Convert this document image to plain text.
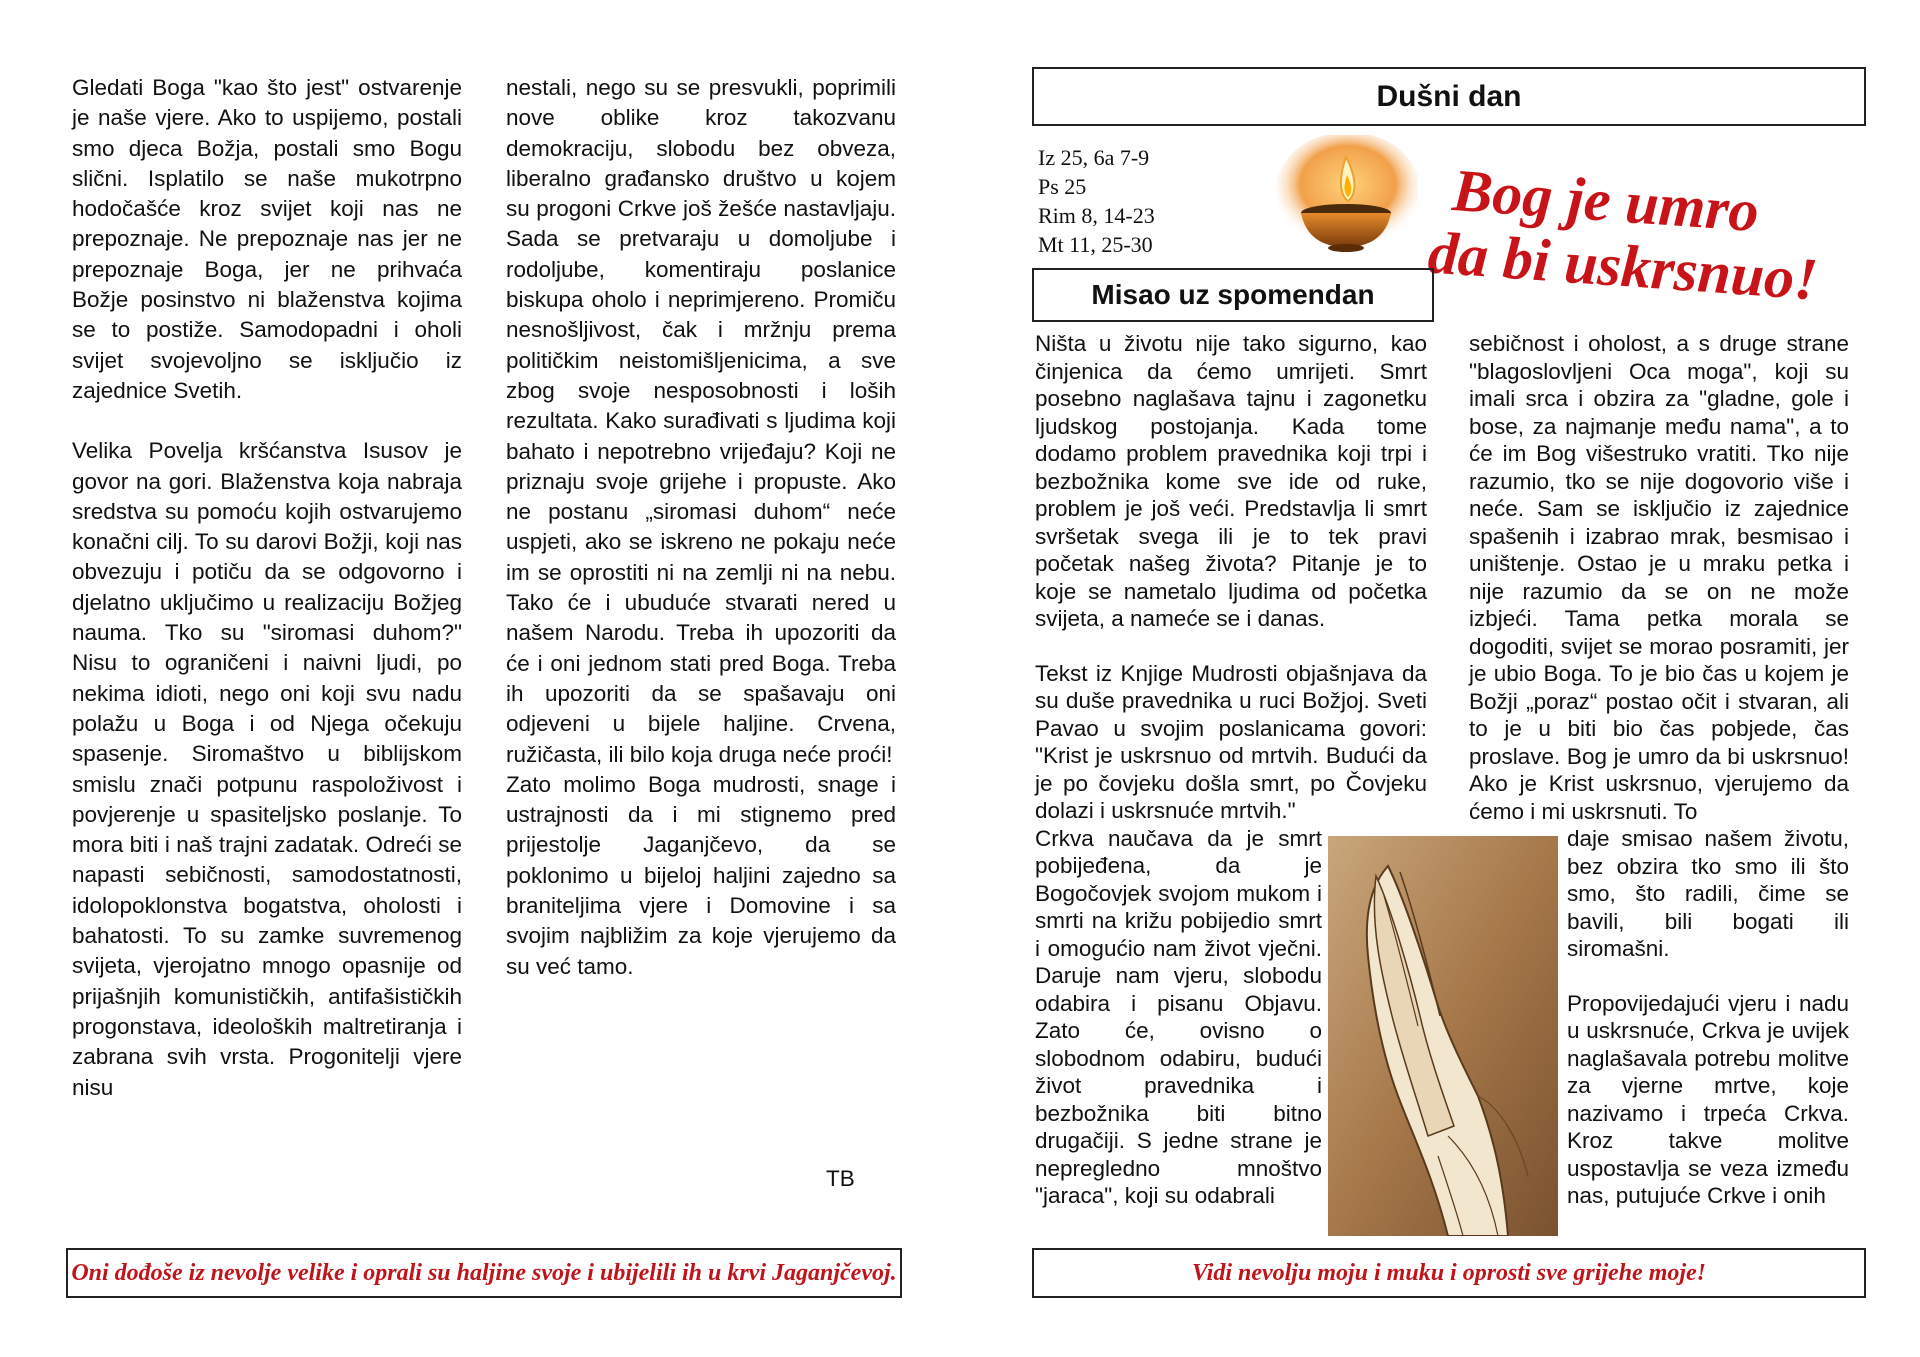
Gledati Boga "kao što jest" ostvarenje je naše vjere. Ako to uspijemo, postali smo djeca Božja, postali smo Bogu slični. Isplatilo se naše mukotrpno hodočašće kroz svijet koji nas ne prepoznaje. Ne prepoznaje nas jer ne prepoznaje Boga, jer ne prihvaća Božje posinstvo ni blaženstva kojima se to postiže. Samodopadni i oholi svijet svojevoljno se isključio iz zajednice Svetih.

Velika Povelja kršćanstva Isusov je govor na gori. Blaženstva koja nabraja sredstva su pomoću kojih ostvarujemo konačni cilj. To su darovi Božji, koji nas obvezuju i potiču da se odgovorno i djelatno uključimo u realizaciju Božjeg nauma. Tko su "siromasi duhom?" Nisu to ograničeni i naivni ljudi, po nekima idioti, nego oni koji svu nadu polažu u Boga i od Njega očekuju spasenje. Siromaštvo u biblijskom smislu znači potpunu raspoloživost i povjerenje u spasiteljsko poslanje. To mora biti i naš trajni zadatak. Odreći se napasti sebičnosti, samodostatnosti, idolopoklonstva bogatstva, oholosti i bahatosti. To su zamke suvremenog svijeta, vjerojatno mnogo opasnije od prijašnjih komunističkih, antifašističkih progonstava, ideoloških maltretiranja i zabrana svih vrsta. Progonitelji vjere nisu

nestali, nego su se presvukli, poprimili nove oblike kroz takozvanu demokraciju, slobodu bez obveza, liberalno građansko društvo u kojem su progoni Crkve još žešće nastavljaju. Sada se pretvaraju u domoljube i rodoljube, komentiraju poslanice biskupa oholo i neprimjereno. Promiču nesnošljivost, čak i mržnju prema političkim neistomišljenicima, a sve zbog svoje nesposobnosti i loših rezultata. Kako surađivati s ljudima koji bahato i nepotrebno vrijeđaju? Koji ne priznaju svoje grijehe i propuste. Ako ne postanu „siromasi duhom“ neće uspjeti, ako se iskreno ne pokaju neće im se oprostiti ni na zemlji ni na nebu. Tako će i ubuduće stvarati nered u našem Narodu. Treba ih upozoriti da će i oni jednom stati pred Boga. Treba ih upozoriti da se spašavaju oni odjeveni u bijele haljine. Crvena, ružičasta, ili bilo koja druga neće proći!

Zato molimo Boga mudrosti, snage i ustrajnosti da i mi stignemo pred prijestolje Jaganjčevo, da se poklonimo u bijeloj haljini zajedno sa braniteljima vjere i Domovine i sa svojim najbližim za koje vjerujemo da su već tamo.

TB
Oni dođoše iz nevolje velike i oprali su haljine svoje i ubijelili ih u krvi Jaganjčevoj.
Dušni dan
Iz 25, 6a 7-9
Ps 25
Rim 8, 14-23
Mt 11, 25-30
Bog je umro
da bi uskrsnuo!
Misao uz spomendan

Ništa u životu nije tako sigurno, kao činjenica da ćemo umrijeti. Smrt posebno naglašava tajnu i zagonetku ljudskog postojanja. Kada tome dodamo problem pravednika koji trpi i bezbožnika kome sve ide od ruke, problem je još veći. Predstavlja li smrt svršetak svega ili je to tek pravi početak našeg života? Pitanje je to koje se nametalo ljudima od početka svijeta, a nameće se i danas.

Tekst iz Knjige Mudrosti objašnjava da su duše pravednika u ruci Božjoj. Sveti Pavao u svojim poslanicama govori: "Krist je uskrsnuo od mrtvih. Budući da je po čovjeku došla smrt, po Čovjeku dolazi i uskrsnuće mrtvih."

Crkva naučava da je smrt pobijeđena, da je Bogočovjek svojom mukom i smrti na križu pobijedio smrt i omogućio nam život vječni. Daruje nam vjeru, slobodu odabira i pisanu Objavu. Zato će, ovisno o slobodnom odabiru, budući život pravednika i bezbožnika biti bitno drugačiji. S jedne strane je nepregledno mnoštvo "jaraca", koji su odabrali

sebičnost i oholost, a s druge strane "blagoslovljeni Oca moga", koji su imali srca i obzira za "gladne, gole i bose, za najmanje među nama", a to će im Bog višestruko vratiti. Tko nije razumio, tko se nije dogovorio više i neće. Sam se isključio iz zajednice spašenih i izabrao mrak, besmisao i uništenje. Ostao je u mraku petka i nije razumio da se on ne može izbjeći. Tama petka morala se dogoditi, svijet se morao posramiti, jer je ubio Boga. To je bio čas u kojem je Božji „poraz“ postao očit i stvaran, ali to je u biti bio čas pobjede, čas proslave. Bog je umro da bi uskrsnuo! Ako je Krist uskrsnuo, vjerujemo da ćemo i mi uskrsnuti. To

daje smisao našem životu, bez obzira tko smo ili što smo, što radili, čime se bavili, bili bogati ili siromašni.

Propovijedajući vjeru i nadu u uskrsnuće, Crkva je uvijek naglašavala potrebu molitve za vjerne mrtve, koje nazivamo i trpeća Crkva. Kroz takve molitve uspostavlja se veza između nas, putujuće Crkve i onih

Vidi nevolju moju i muku i oprosti sve grijehe moje!
